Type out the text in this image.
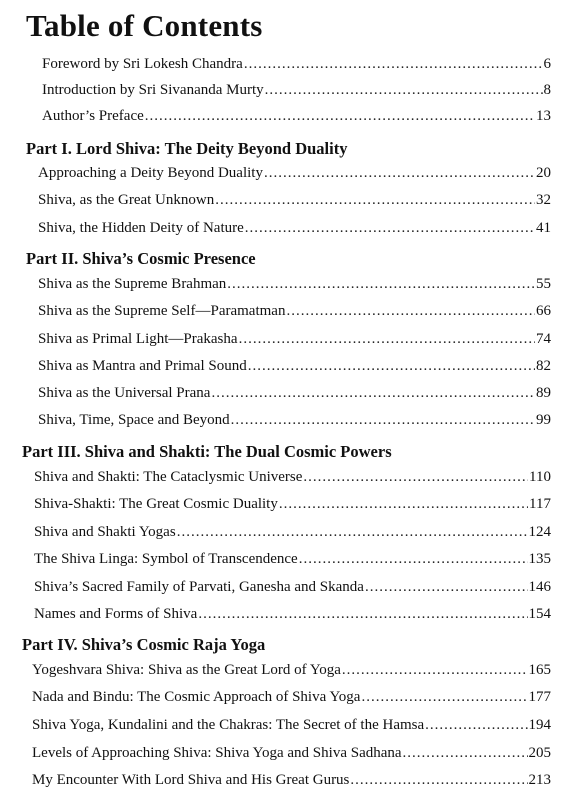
Table of Contents
Foreword by Sri Lokesh Chandra .....	6
Introduction by Sri Sivananda Murty .....	8
Author’s Preface .....	13
Part I. Lord Shiva: The Deity Beyond Duality
Approaching a Deity Beyond Duality .....	20
Shiva, as the Great Unknown .....	32
Shiva, the Hidden Deity of Nature .....	41
Part II. Shiva’s Cosmic Presence
Shiva as the Supreme Brahman .....	55
Shiva as the Supreme Self—Paramatman .....	66
Shiva as Primal Light—Prakasha .....	74
Shiva as Mantra and Primal Sound .....	82
Shiva as the Universal Prana .....	89
Shiva, Time, Space and Beyond .....	99
Part III. Shiva and Shakti: The Dual Cosmic Powers
Shiva and Shakti: The Cataclysmic Universe .....	110
Shiva-Shakti: The Great Cosmic Duality .....	117
Shiva and Shakti Yogas .....	124
The Shiva Linga: Symbol of Transcendence .....	135
Shiva’s Sacred Family of Parvati, Ganesha and Skanda .....	146
Names and Forms of Shiva .....	154
Part IV. Shiva’s Cosmic Raja Yoga
Yogeshvara Shiva: Shiva as the Great Lord of Yoga .....	165
Nada and Bindu: The Cosmic Approach of Shiva Yoga .....	177
Shiva Yoga, Kundalini and the Chakras: The Secret of the Hamsa .....	194
Levels of Approaching Shiva: Shiva Yoga and Shiva Sadhana .....	205
My Encounter With Lord Shiva and His Great Gurus .....	213
